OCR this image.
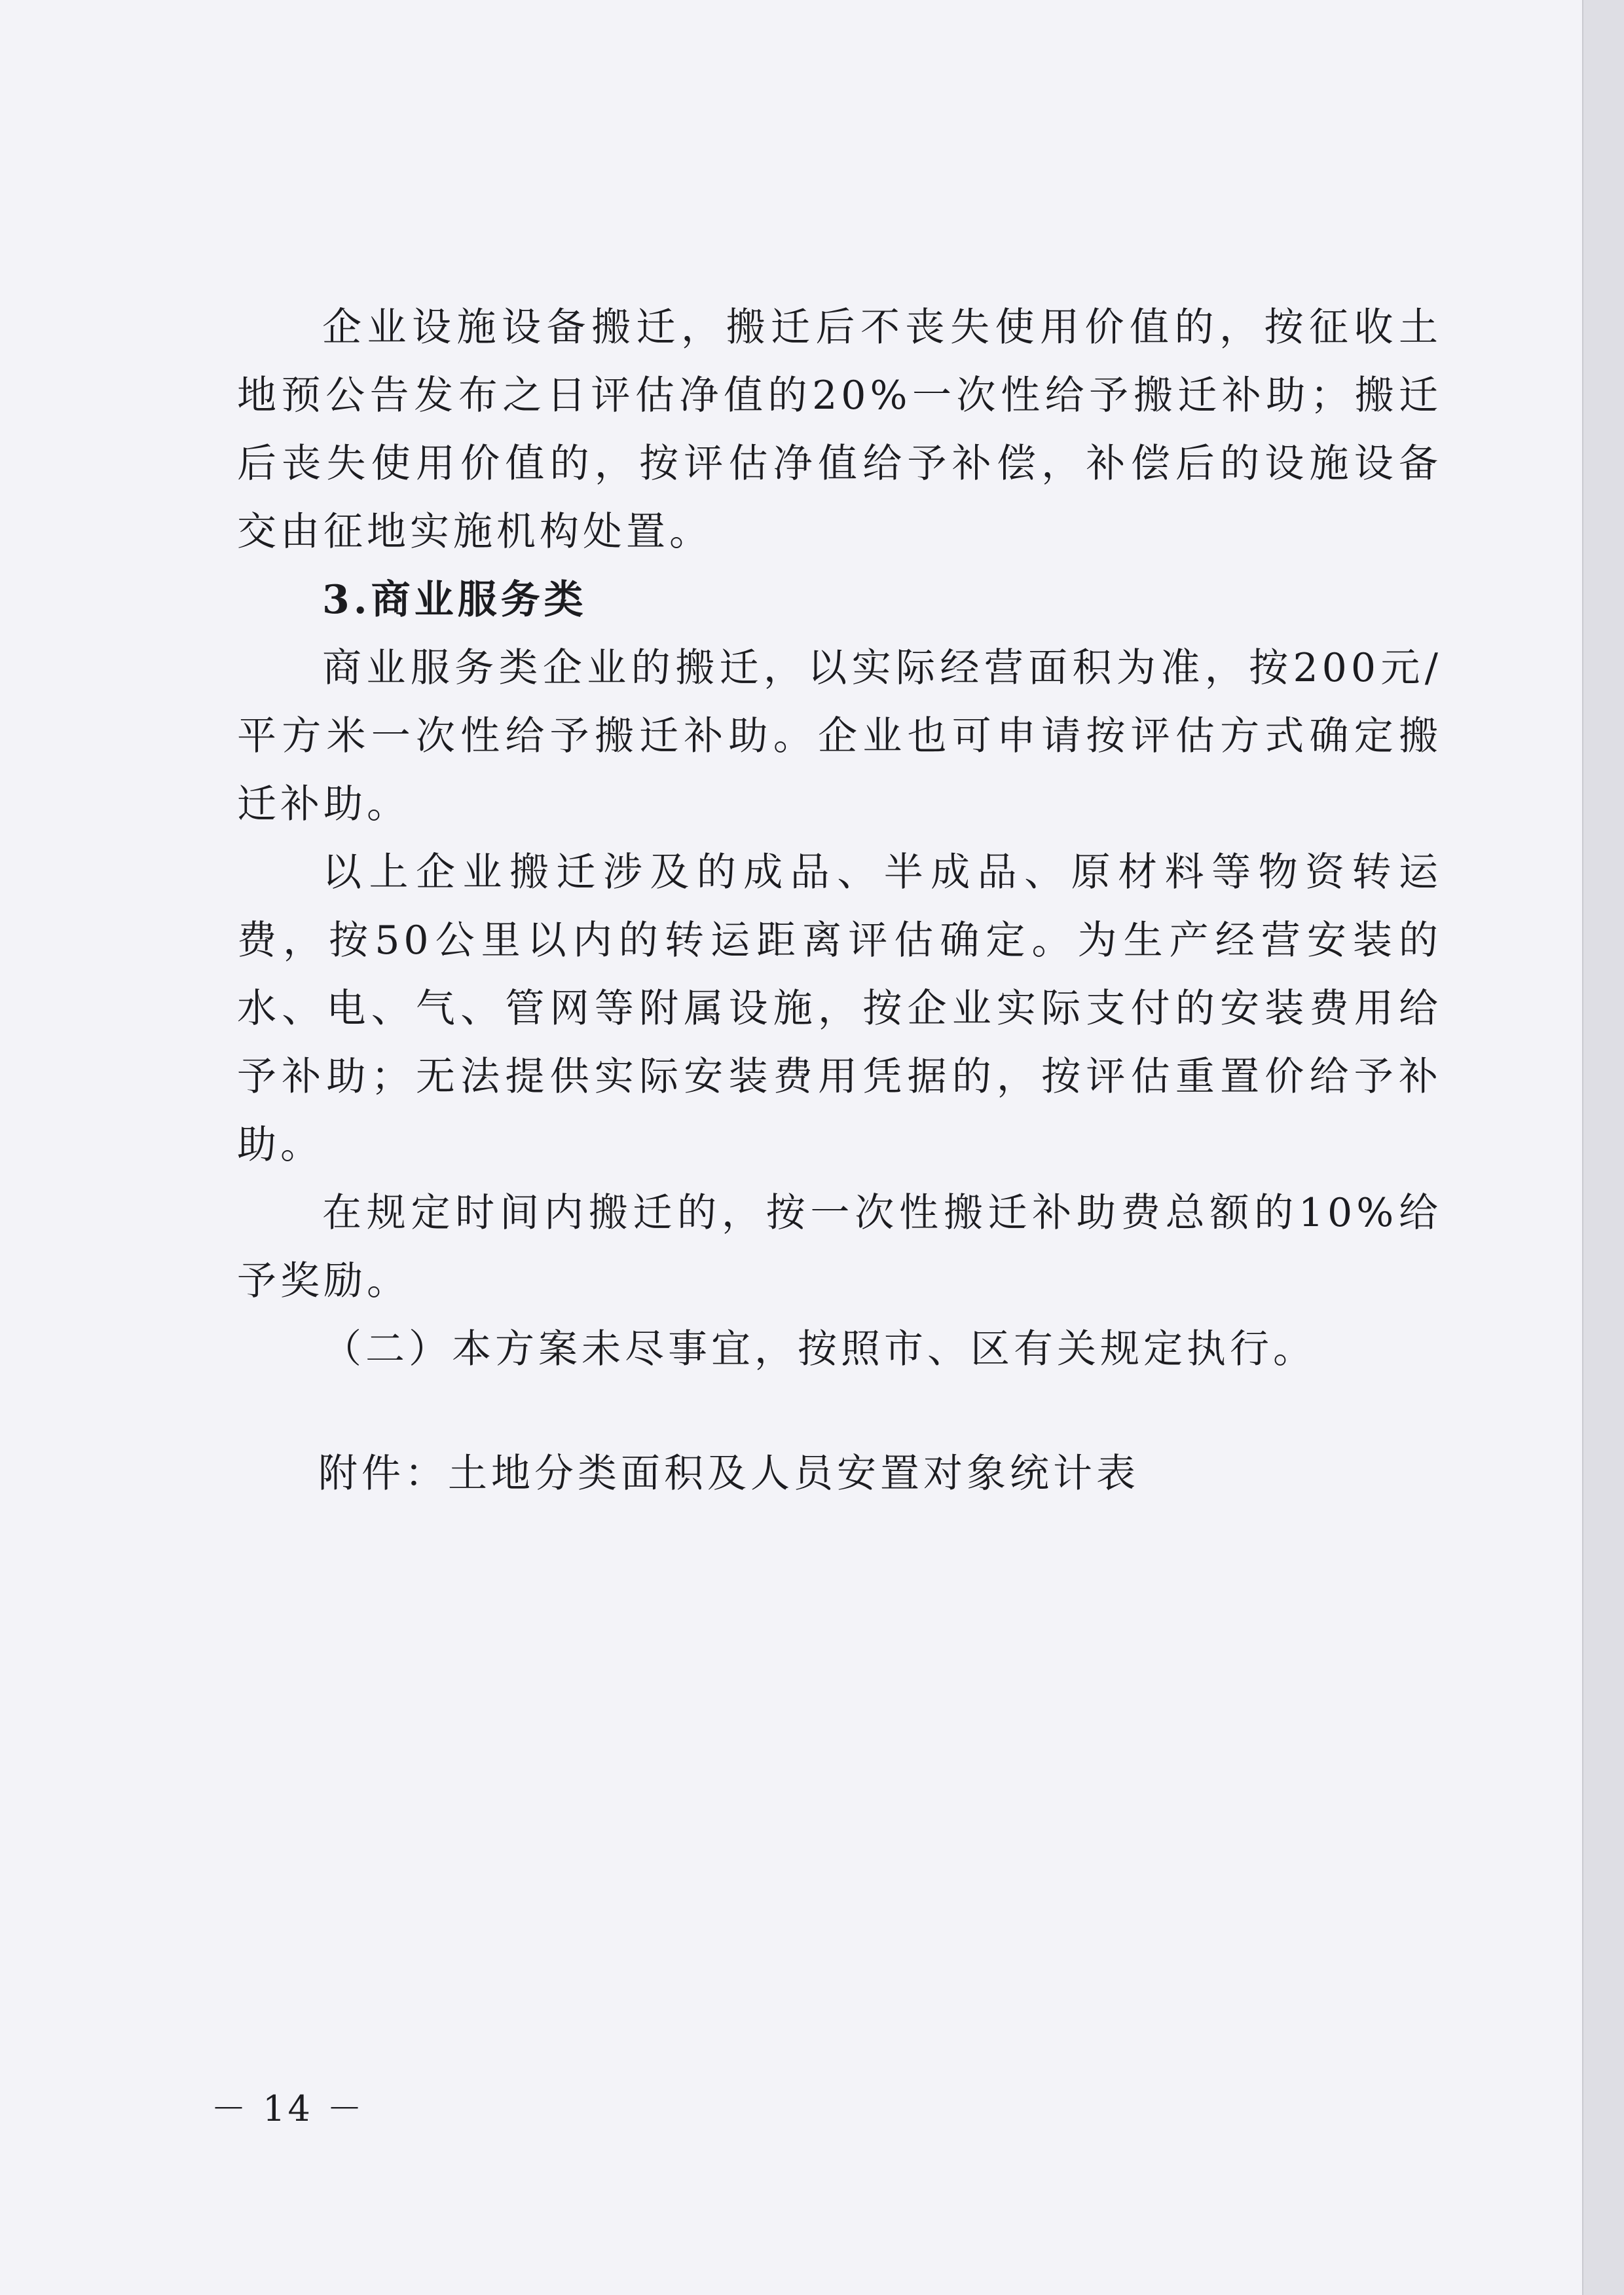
企业设施设备搬迁，搬迁后不丧失使用价值的，按征收土地预公告发布之日评估净值的20%一次性给予搬迁补助；搬迁后丧失使用价值的，按评估净值给予补偿，补偿后的设施设备交由征地实施机构处置。

3.商业服务类

商业服务类企业的搬迁，以实际经营面积为准，按200元/平方米一次性给予搬迁补助。企业也可申请按评估方式确定搬迁补助。

以上企业搬迁涉及的成品、半成品、原材料等物资转运费，按50公里以内的转运距离评估确定。为生产经营安装的水、电、气、管网等附属设施，按企业实际支付的安装费用给予补助；无法提供实际安装费用凭据的，按评估重置价给予补助。

在规定时间内搬迁的，按一次性搬迁补助费总额的10%给予奖励。

（二）本方案未尽事宜，按照市、区有关规定执行。

附件：土地分类面积及人员安置对象统计表

－ 14 －
